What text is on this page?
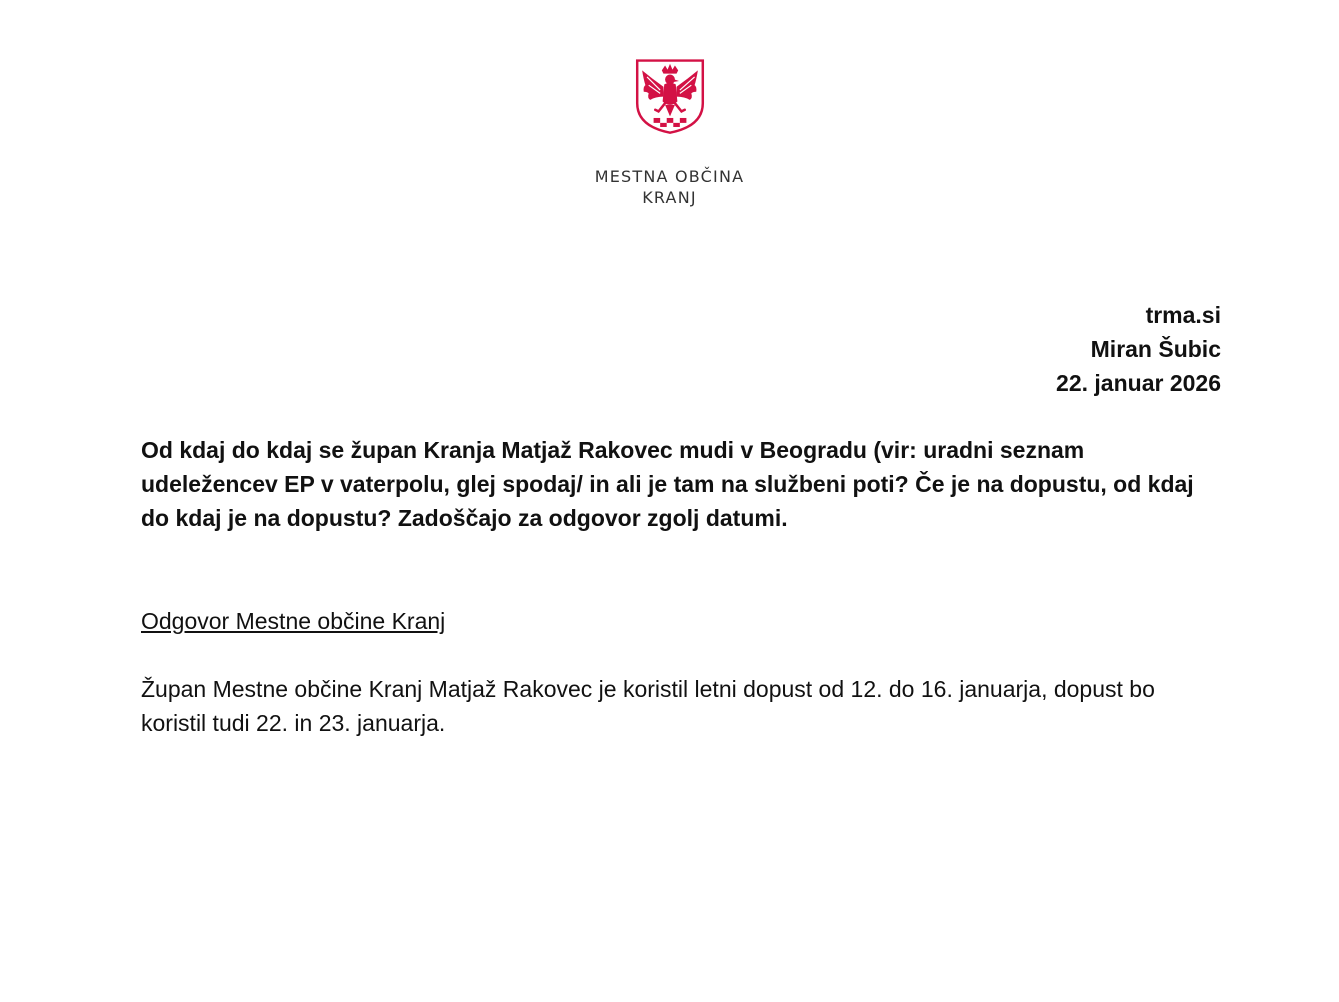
MESTNA OBČINA
KRANJ
trma.si
Miran Šubic
22. januar 2026

Od kdaj do kdaj se župan Kranja Matjaž Rakovec mudi v Beogradu (vir: uradni seznam udeležencev EP v vaterpolu, glej spodaj/ in ali je tam na službeni poti? Če je na dopustu, od kdaj do kdaj je na dopustu? Zadoščajo za odgovor zgolj datumi.

Odgovor Mestne občine Kranj

Župan Mestne občine Kranj Matjaž Rakovec je koristil letni dopust od 12. do 16. januarja, dopust bo koristil tudi 22. in 23. januarja.
